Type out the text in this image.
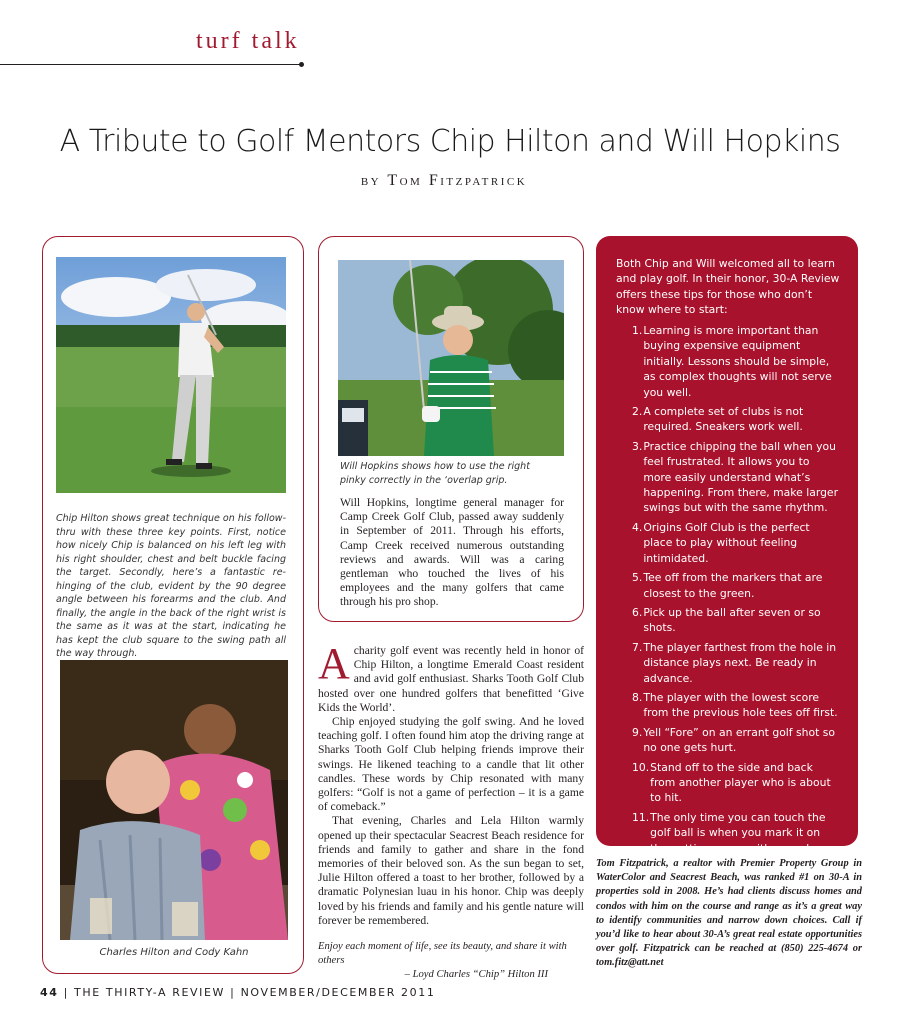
turf talk
A Tribute to Golf Mentors Chip Hilton and Will Hopkins
by Tom Fitzpatrick
Chip Hilton shows great technique on his follow-thru with these three key points. First, notice how nicely Chip is balanced on his left leg with his right shoulder, chest and belt buckle facing the target. Secondly, here’s a fantastic re-hinging of the club, evident by the 90 degree angle between his forearms and the club. And finally, the angle in the back of the right wrist is the same as it was at the start, indicating he has kept the club square to the swing path all the way through.
Charles Hilton and Cody Kahn
Will Hopkins shows how to use the right pinky correctly in the ‘overlap grip.

Will Hopkins, longtime general manager for Camp Creek Golf Club, passed away suddenly in September of 2011. Through his efforts, Camp Creek received numerous outstanding reviews and awards. Will was a caring gentleman who touched the lives of his employees and the many golfers that came through his pro shop.

Acharity golf event was recently held in honor of Chip Hilton, a longtime Emerald Coast resident and avid golf enthusiast. Sharks Tooth Golf Club hosted over one hundred golfers that benefitted ‘Give Kids the World’.

Chip enjoyed studying the golf swing. And he loved teaching golf. I often found him atop the driving range at Sharks Tooth Golf Club helping friends improve their swings. He likened teaching to a candle that lit other candles. These words by Chip resonated with many golfers: “Golf is not a game of perfection – it is a game of comeback.”

That evening, Charles and Lela Hilton warmly opened up their spectacular Seacrest Beach residence for friends and family to gather and share in the fond memories of their beloved son. As the sun began to set, Julie Hilton offered a toast to her brother, followed by a dramatic Polynesian luau in his honor. Chip was deeply loved by his friends and family and his gentle nature will forever be remembered.

Enjoy each moment of life, see its beauty, and share it with others
– Loyd Charles “Chip” Hilton III
Both Chip and Will welcomed all to learn and play golf. In their honor, 30-A Review offers these tips for those who don’t know where to start:
1. Learning is more important than buying expensive equipment initially. Lessons should be simple, as complex thoughts will not serve you well.
2. A complete set of clubs is not required. Sneakers work well.
3. Practice chipping the ball when you feel frustrated. It allows you to more easily understand what’s happening. From there, make larger swings but with the same rhythm.
4. Origins Golf Club is the perfect place to play without feeling intimidated.
5. Tee off from the markers that are closest to the green.
6. Pick up the ball after seven or so shots.
7. The player farthest from the hole in distance plays next. Be ready in advance.
8. The player with the lowest score from the previous hole tees off first.
9. Yell “Fore” on an errant golf shot so no one gets hurt.
10. Stand off to the side and back from another player who is about to hit.
11. The only time you can touch the golf ball is when you mark it on the putting green with a marker.
Tom Fitzpatrick, a realtor with Premier Property Group in WaterColor and Seacrest Beach, was ranked #1 on 30-A in properties sold in 2008. He’s had clients discuss homes and condos with him on the course and range as it’s a great way to identify communities and narrow down choices. Call if you’d like to hear about 30-A’s great real estate opportunities over golf. Fitzpatrick can be reached at (850) 225-4674 or tom.fitz@att.net
44 | THE THIRTY-A REVIEW | NOVEMBER/DECEMBER 2011
